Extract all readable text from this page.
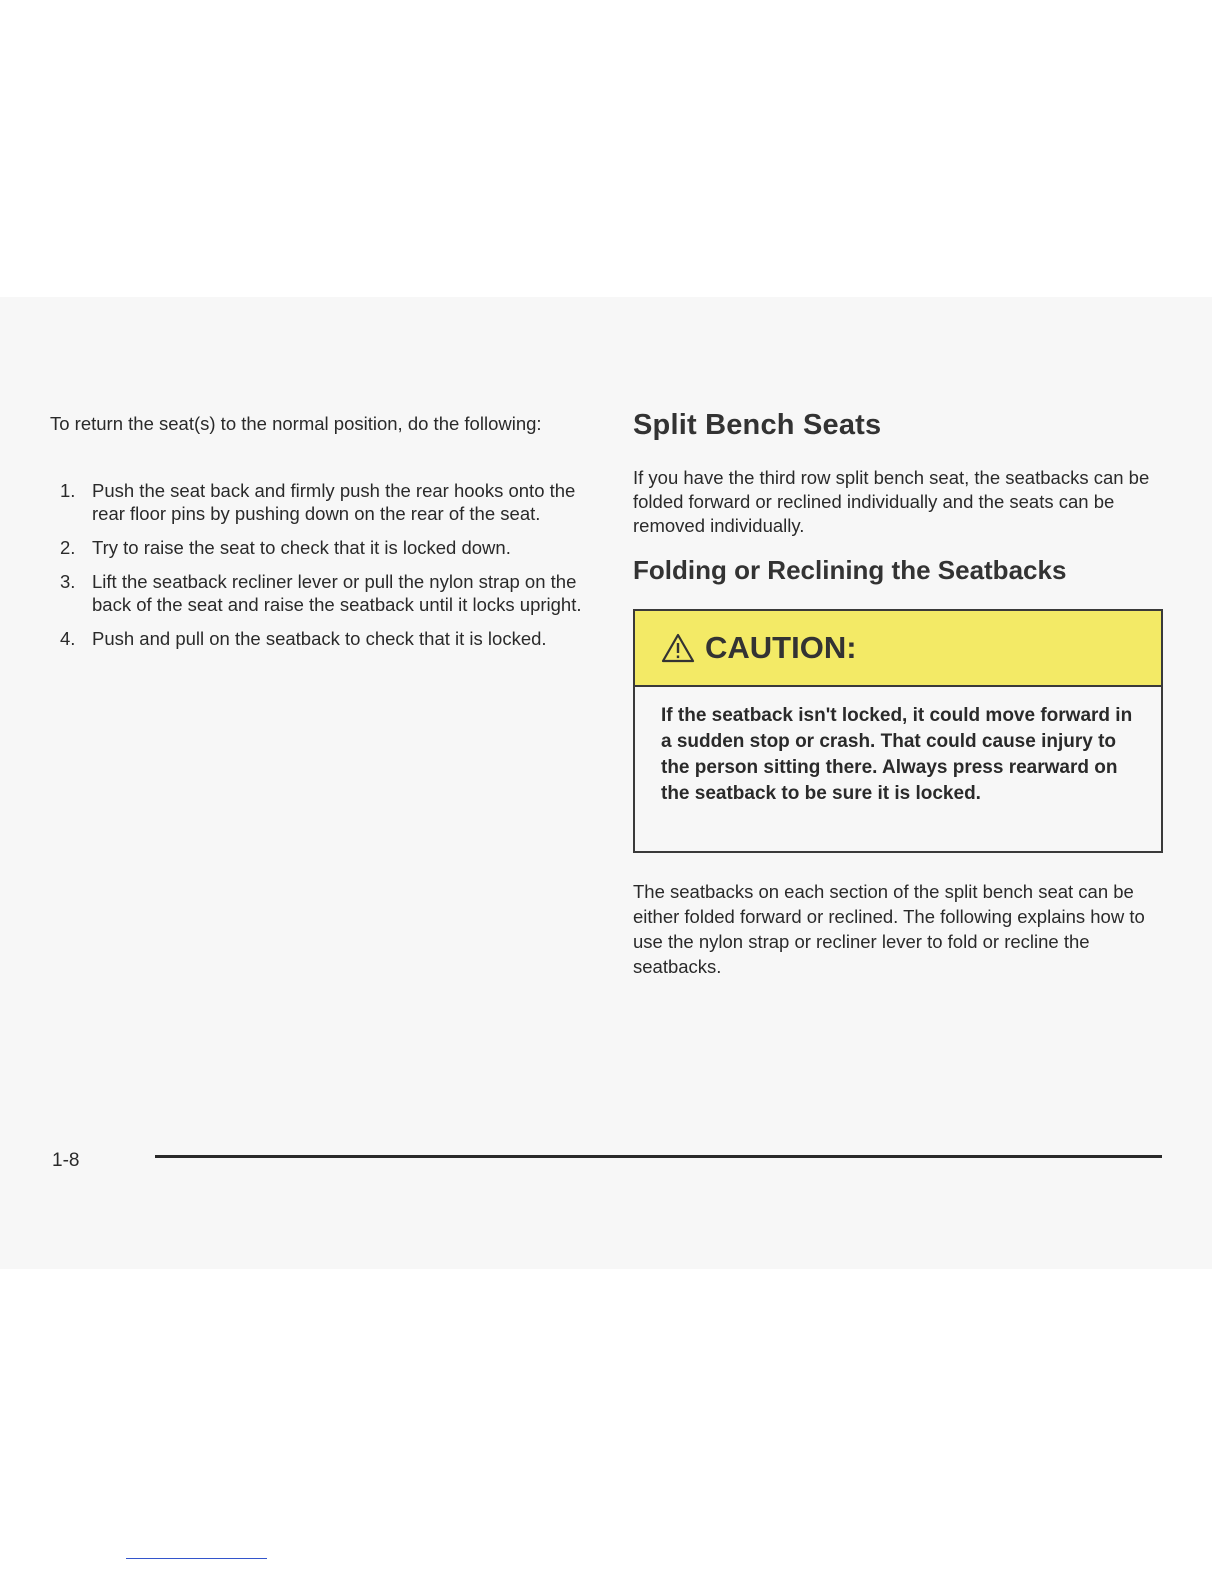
To return the seat(s) to the normal position, do the following:

1. Push the seat back and firmly push the rear hooks onto the rear floor pins by pushing down on the rear of the seat.
2. Try to raise the seat to check that it is locked down.
3. Lift the seatback recliner lever or pull the nylon strap on the back of the seat and raise the seatback until it locks upright.
4. Push and pull on the seatback to check that it is locked.
Split Bench Seats

If you have the third row split bench seat, the seatbacks can be folded forward or reclined individually and the seats can be removed individually.

Folding or Reclining the Seatbacks
CAUTION:

If the seatback isn't locked, it could move forward in a sudden stop or crash. That could cause injury to the person sitting there. Always press rearward on the seatback to be sure it is locked.

The seatbacks on each section of the split bench seat can be either folded forward or reclined. The following explains how to use the nylon strap or recliner lever to fold or recline the seatbacks.

1-8
